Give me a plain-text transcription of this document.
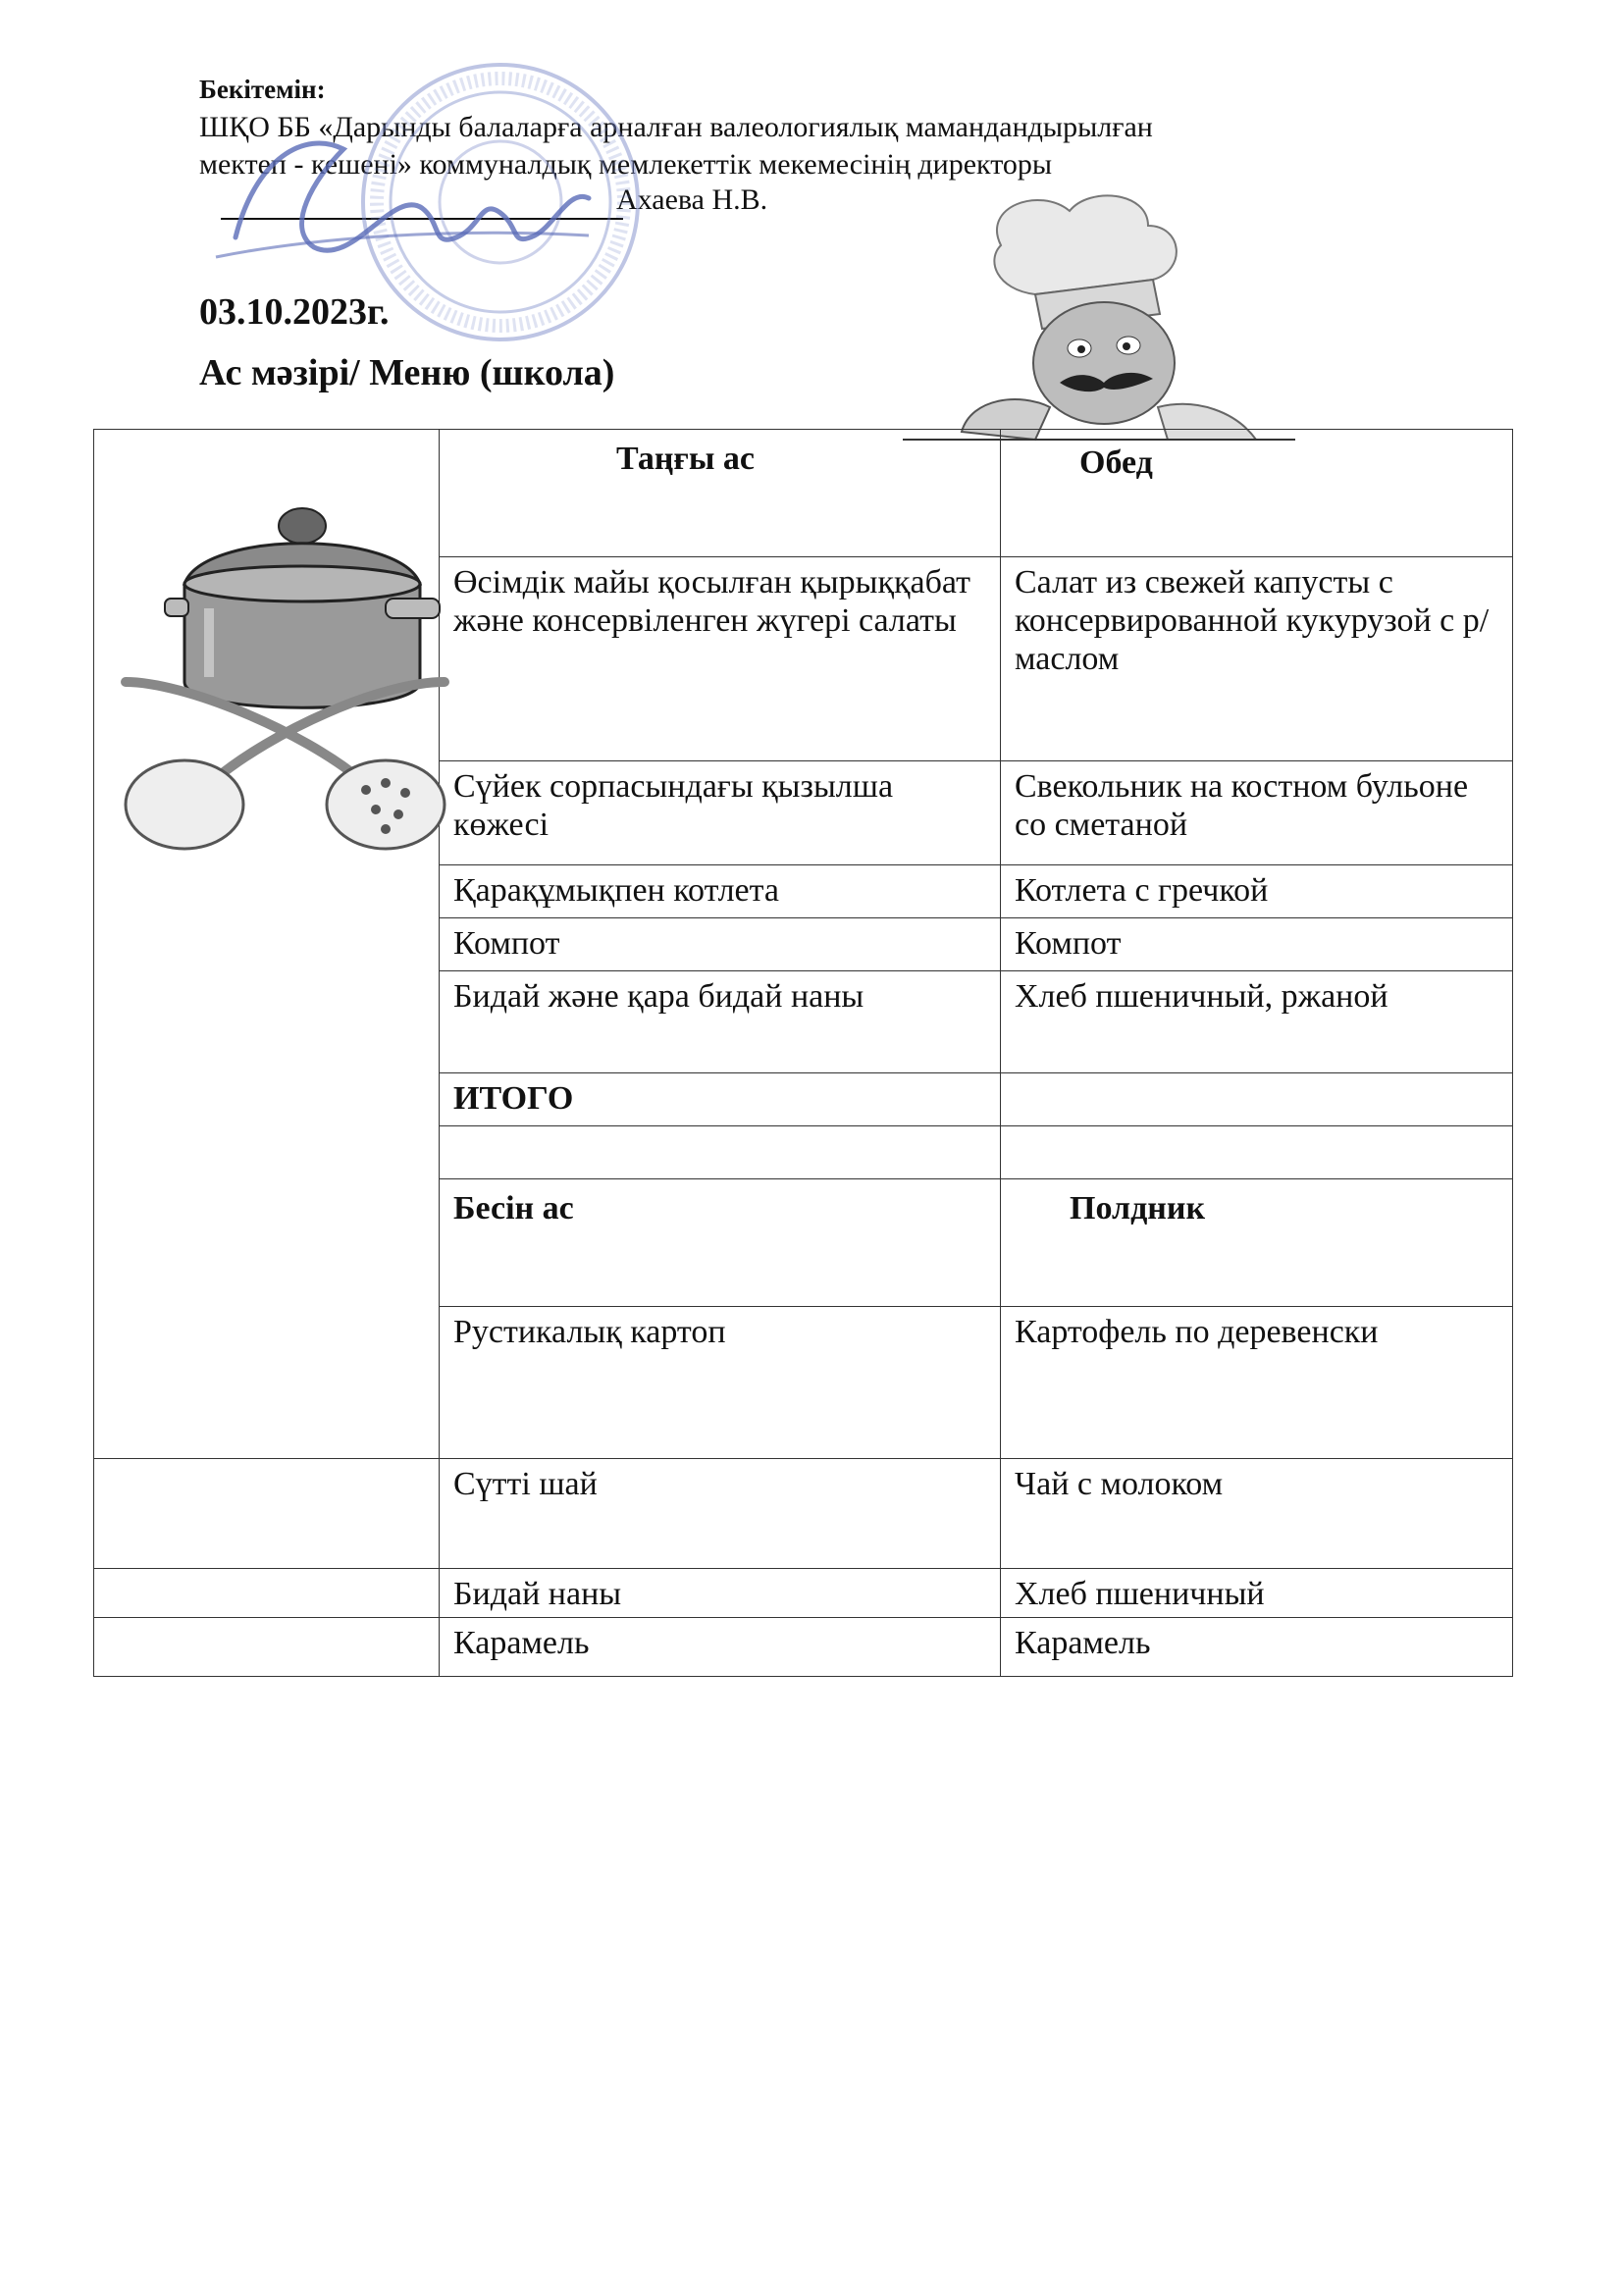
Бекітемін:

ШҚО ББ «Дарынды балаларға арналған валеологиялық мамандандырылған

мектеп - кешені» коммуналдық мемлекеттік мекемесінің директоры

Ахаева Н.В.

03.10.2023г.

Ас мәзірі/ Меню (школа)

	Таңғы ас	Обед
	Өсімдік майы қосылған қырыққабат және консервіленген жүгері салаты	Салат из свежей капусты с консервированной кукурузой с р/маслом
	Сүйек сорпасындағы қызылша көжесі	Свекольник на костном бульоне со сметаной
	Қарақұмықпен котлета	Котлета с гречкой
	Компот	Компот
	Бидай және қара бидай наны	Хлеб пшеничный, ржаной
	ИТОГО	

	Бесін ас	Полдник
	Рустикалық картоп	Картофель по деревенски

	Сүтті шай	Чай с молоком
	Бидай наны	Хлеб пшеничный
	Карамель	Карамель
